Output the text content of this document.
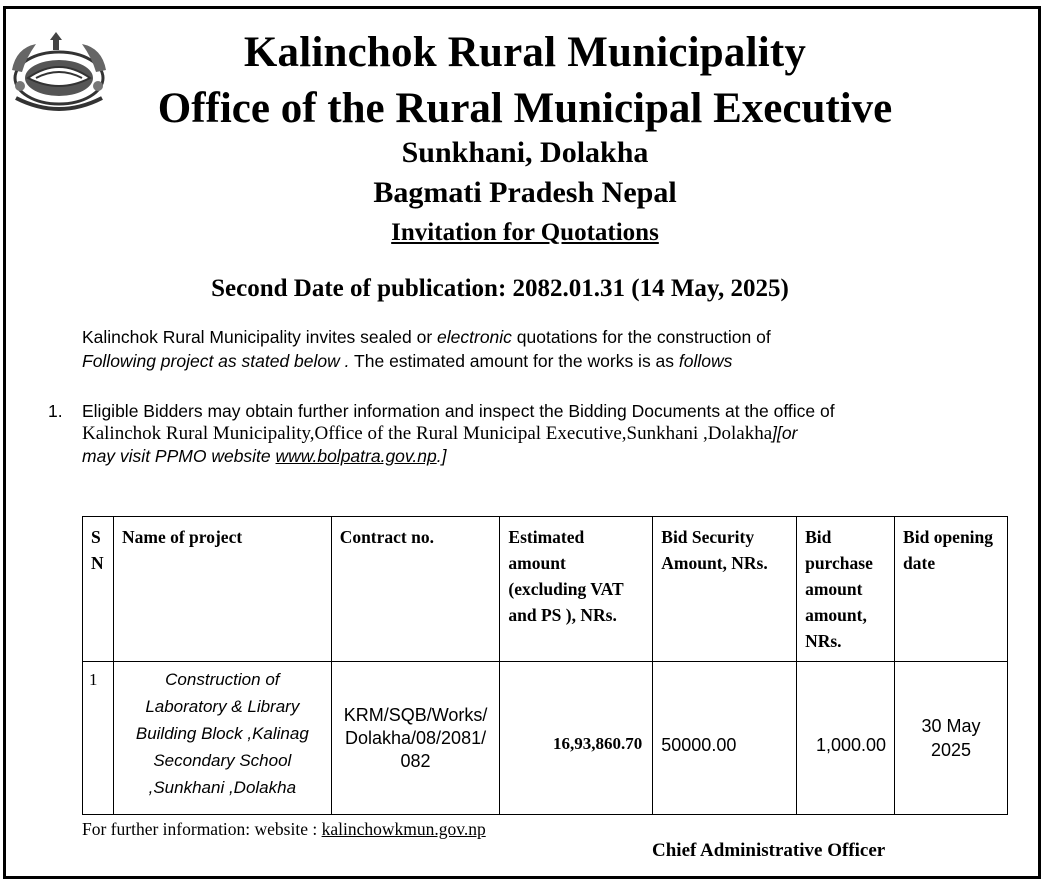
Kalinchok Rural Municipality
Office of the Rural Municipal Executive
Sunkhani, Dolakha
Bagmati Pradesh Nepal
Invitation for Quotations
Second Date of publication: 2082.01.31 (14 May, 2025)
Kalinchok Rural Municipality invites sealed or electronic quotations for the construction of
Following project as stated below . The estimated amount for the works is as follows
1. Eligible Bidders may obtain further information and inspect the Bidding Documents at the office of
Kalinchok Rural Municipality,Office of the Rural Municipal Executive,Sunkhani ,Dolakha][or
may visit PPMO website www.bolpatra.gov.np.]
S N	Name of project	Contract no.	Estimated amount (excluding VAT and PS ), NRs.	Bid Security Amount, NRs.	Bid purchase amount amount, NRs.	Bid opening date
1	Construction of Laboratory & Library Building Block ,Kalinag Secondary School ,Sunkhani ,Dolakha	KRM/SQB/Works/Dolakha/08/2081/082	16,93,860.70	50000.00	1,000.00	30 May 2025
For further information: website : kalinchowkmun.gov.np
Chief Administrative Officer
